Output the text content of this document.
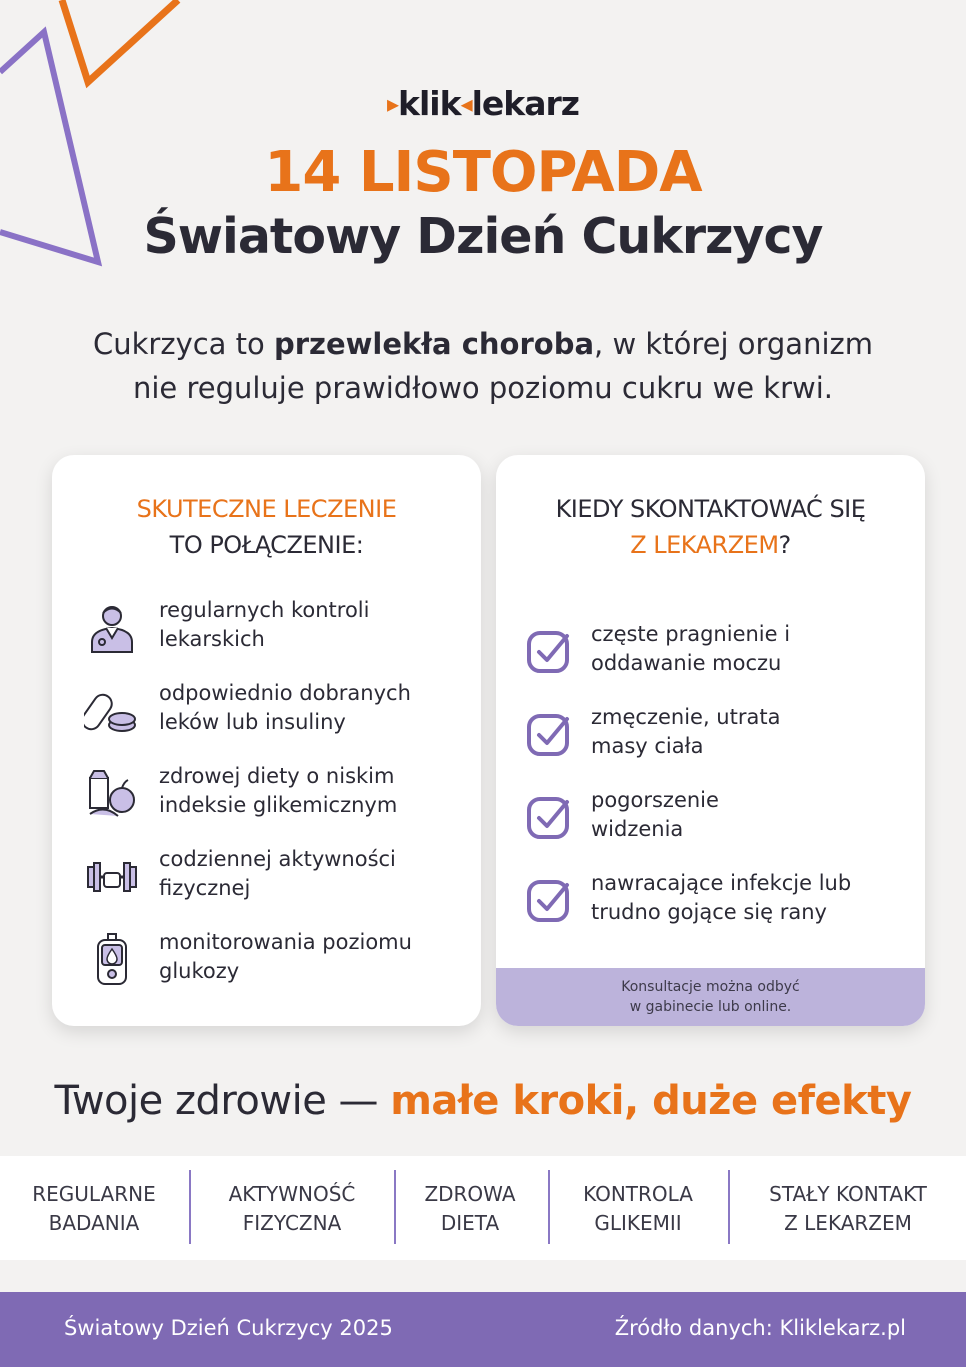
▸klik◂lekarz
14 LISTOPADA
Światowy Dzień Cukrzycy
Cukrzyca to przewlekła choroba, w której organizm
nie reguluje prawidłowo poziomu cukru we krwi.
SKUTECZNE LECZENIE
TO POŁĄCZENIE:
regularnych kontroli
lekarskich
odpowiednio dobranych
leków lub insuliny
zdrowej diety o niskim
indeksie glikemicznym
codziennej aktywności
fizycznej
monitorowania poziomu
glukozy
KIEDY SKONTAKTOWAĆ SIĘ
Z LEKARZEM?
częste pragnienie i
oddawanie moczu
zmęczenie, utrata
masy ciała
pogorszenie
widzenia
nawracające infekcje lub
trudno gojące się rany
Konsultacje można odbyć
w gabinecie lub online.
Twoje zdrowie — małe kroki, duże efekty
REGULARNE
BADANIA
AKTYWNOŚĆ
FIZYCZNA
ZDROWA
DIETA
KONTROLA
GLIKEMII
STAŁY KONTAKT
Z LEKARZEM
Światowy Dzień Cukrzycy 2025	Źródło danych: Kliklekarz.pl
